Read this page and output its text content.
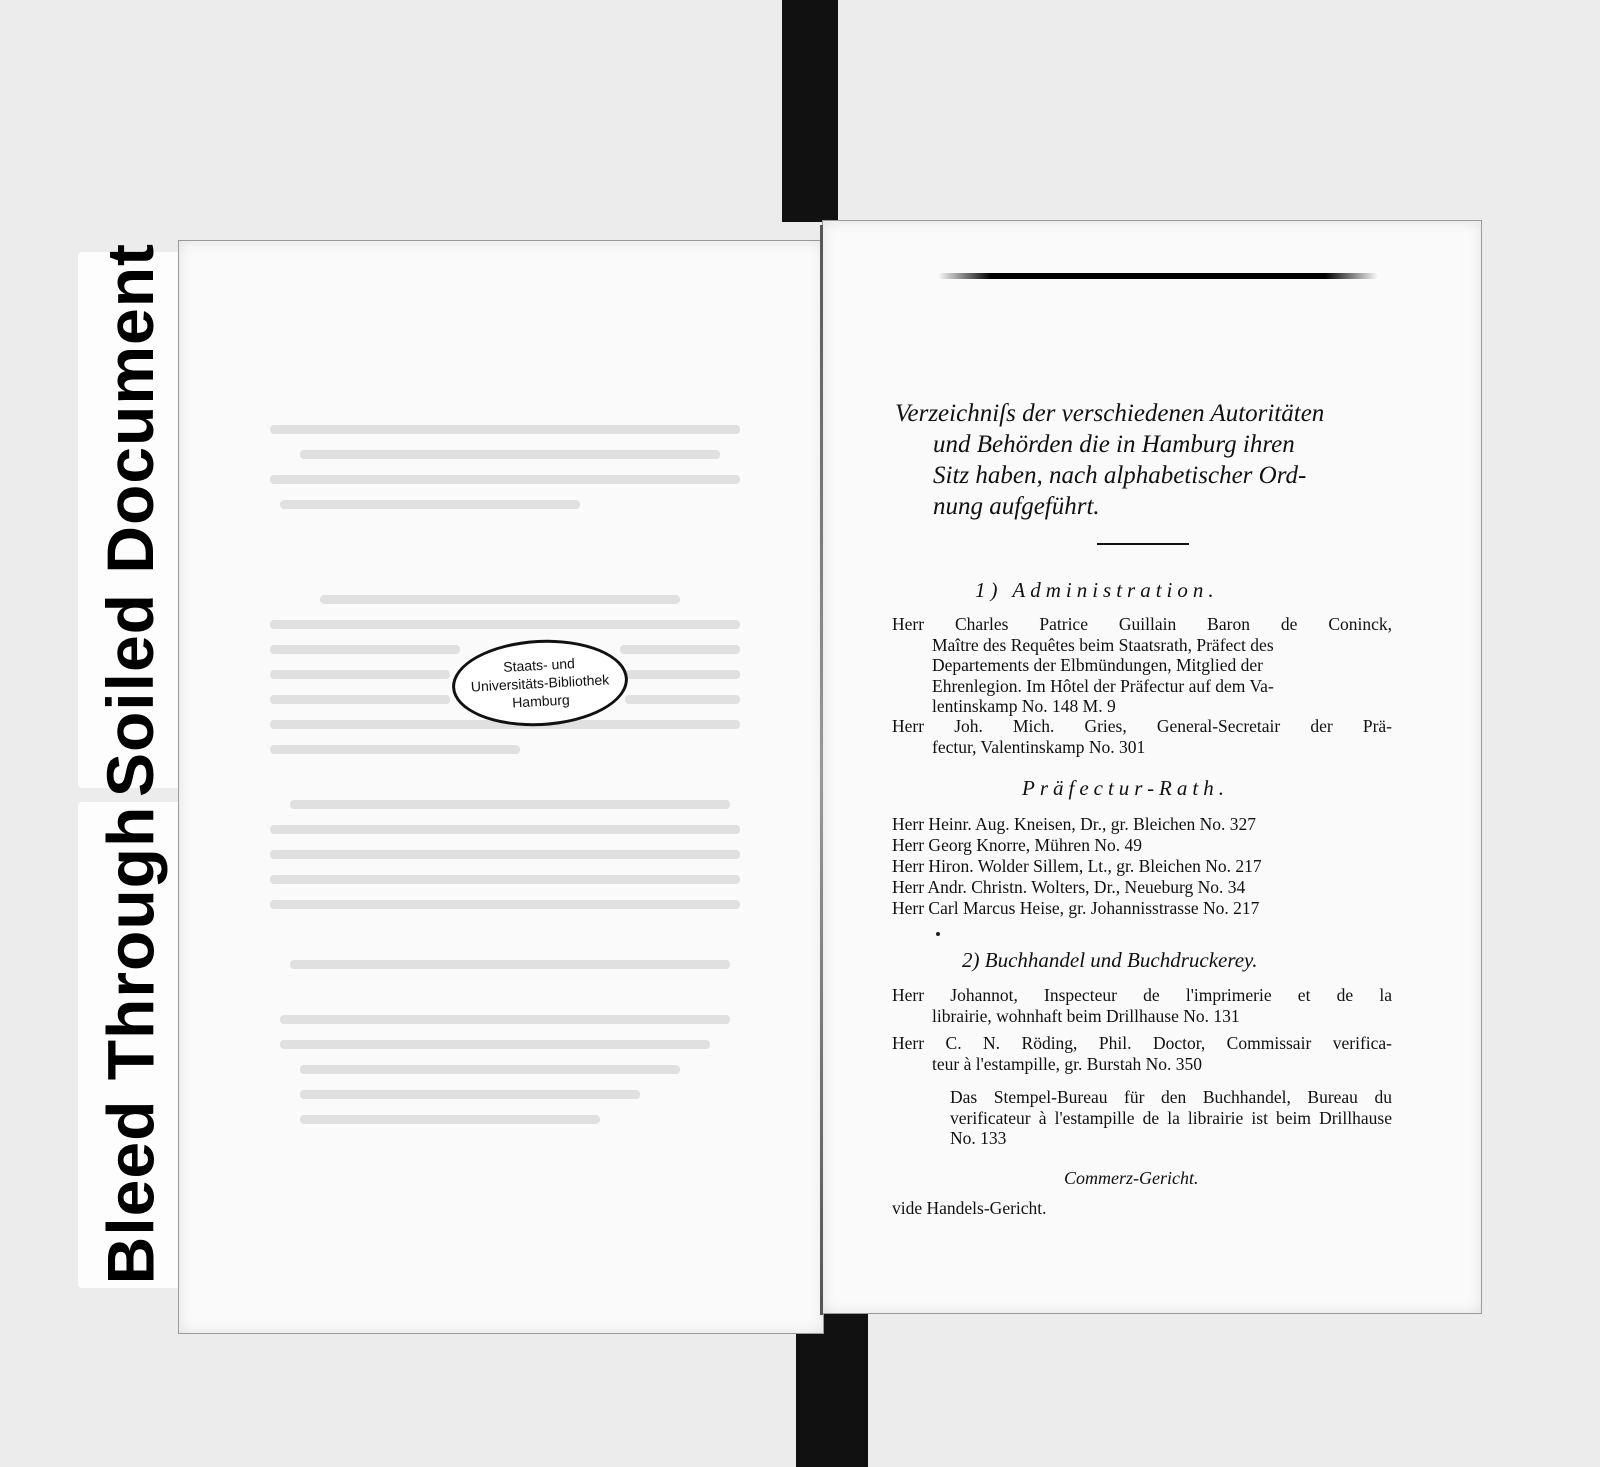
Soiled Document
Bleed Through
Staats- und
Universitäts-Bibliothek
Hamburg
Verzeichniſs der verschiedenen Autoritäten
und Behörden die in Hamburg ihren
Sitz haben, nach alphabetischer Ord-
nung aufgeführt.
1) Administration.
Herr Charles Patrice Guillain Baron de Coninck,
Maître des Requêtes beim Staatsrath, Präfect des
Departements der Elbmündungen, Mitglied der
Ehrenlegion. Im Hôtel der Präfectur auf dem Va-
lentinskamp No. 148 M. 9
Herr Joh. Mich. Gries, General-Secretair der Prä-
fectur, Valentinskamp No. 301
Präfectur-Rath.
Herr Heinr. Aug. Kneisen, Dr., gr. Bleichen No. 327
Herr Georg Knorre, Mühren No. 49
Herr Hiron. Wolder Sillem, Lt., gr. Bleichen No. 217
Herr Andr. Christn. Wolters, Dr., Neueburg No. 34
Herr Carl Marcus Heise, gr. Johannisstrasse No. 217
2) Buchhandel und Buchdruckerey.
Herr Johannot, Inspecteur de l'imprimerie et de la
librairie, wohnhaft beim Drillhause No. 131
Herr C. N. Röding, Phil. Doctor, Commissair verifica-
teur à l'estampille, gr. Burstah No. 350
Das Stempel-Bureau für den Buchhandel, Bureau du verificateur à l'estampille de la librairie ist beim Drillhause No. 133
Commerz-Gericht.
vide Handels-Gericht.
